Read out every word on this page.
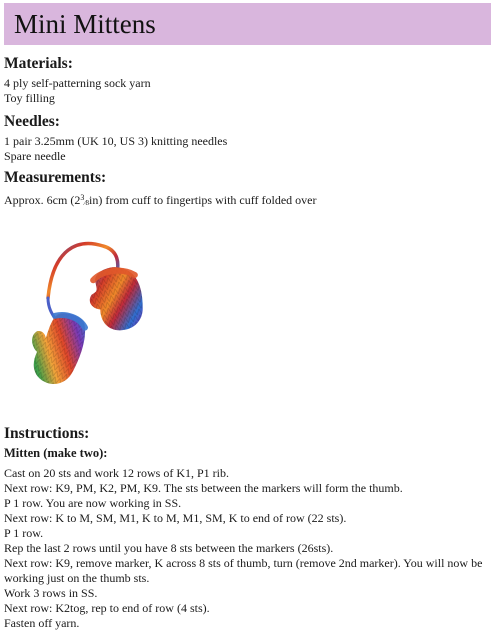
Mini Mittens
Materials:
4 ply self-patterning sock yarn
Toy filling
Needles:
1 pair 3.25mm (UK 10, US 3) knitting needles
Spare needle
Measurements:
Approx. 6cm $(2^3⁄8in)$ from cuff to fingertips with cuff folded over
Instructions:
Mitten (make two):
Cast on 20 sts and work 12 rows of K1, P1 rib.
Next row: K9, PM, K2, PM, K9. The sts between the markers will form the thumb.
P 1 row. You are now working in SS.
Next row: K to M, SM, M1, K to M, M1, SM, K to end of row (22 sts).
P 1 row.
Rep the last 2 rows until you have 8 sts between the markers (26sts).
Next row: K9, remove marker, K across 8 sts of thumb, turn (remove 2nd marker). You will now be
working just on the thumb sts.
Work 3 rows in SS.
Next row: K2tog, rep to end of row (4 sts).
Fasten off yarn.
